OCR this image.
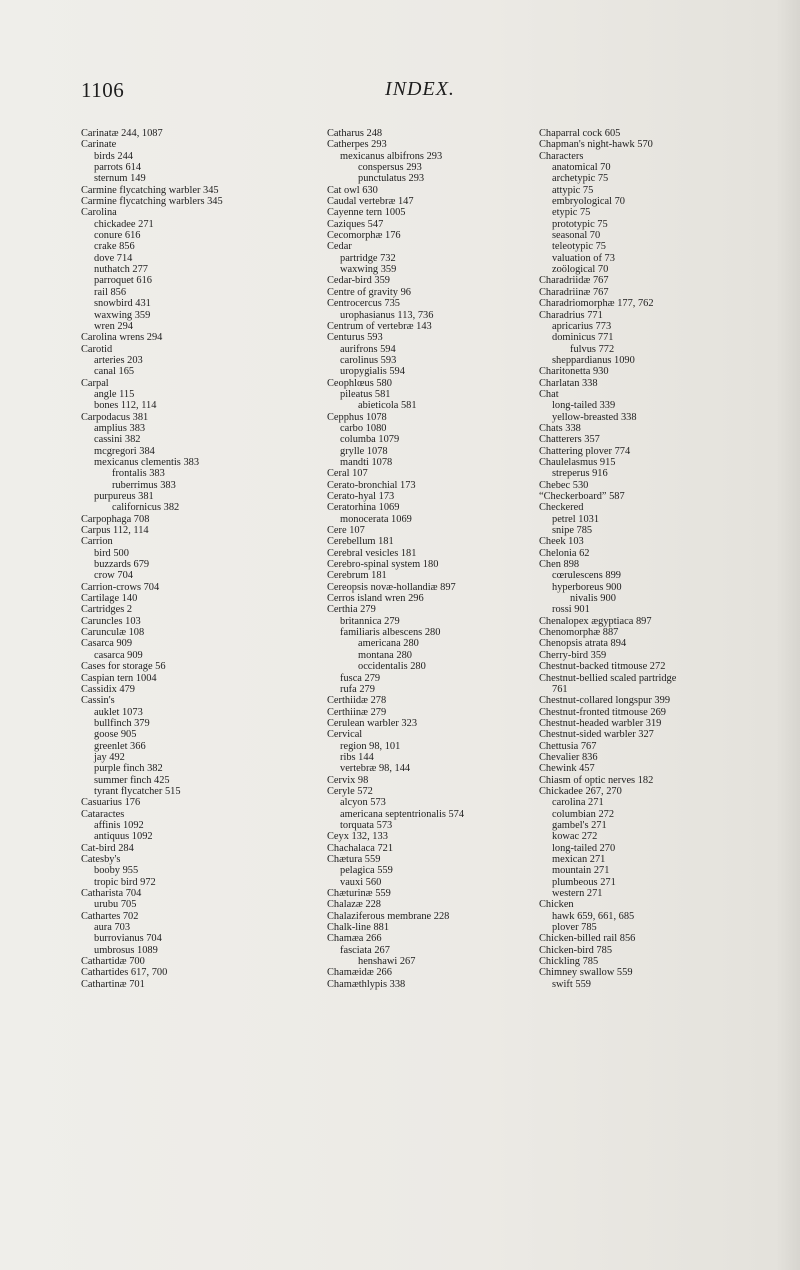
1106	INDEX.
Carinatæ 244, 1087
Carinate
birds 244
parrots 614
sternum 149
Carmine flycatching warbler 345
Carmine flycatching warblers 345
Carolina
chickadee 271
conure 616
crake 856
dove 714
nuthatch 277
parroquet 616
rail 856
snowbird 431
waxwing 359
wren 294
Carolina wrens 294
Carotid
arteries 203
canal 165
Carpal
angle 115
bones 112, 114
Carpodacus 381
amplius 383
cassini 382
mcgregori 384
mexicanus clementis 383
frontalis 383
ruberrimus 383
purpureus 381
californicus 382
Carpophaga 708
Carpus 112, 114
Carrion
bird 500
buzzards 679
crow 704
Carrion-crows 704
Cartilage 140
Cartridges 2
Caruncles 103
Carunculæ 108
Casarca 909
casarca 909
Cases for storage 56
Caspian tern 1004
Cassidix 479
Cassin's
auklet 1073
bullfinch 379
goose 905
greenlet 366
jay 492
purple finch 382
summer finch 425
tyrant flycatcher 515
Casuarius 176
Cataractes
affinis 1092
antiquus 1092
Cat-bird 284
Catesby's
booby 955
tropic bird 972
Catharista 704
urubu 705
Cathartes 702
aura 703
burrovianus 704
umbrosus 1089
Cathartidæ 700
Cathartides 617, 700
Cathartinæ 701
Catharus 248
Catherpes 293
mexicanus albifrons 293
conspersus 293
punctulatus 293
Cat owl 630
Caudal vertebræ 147
Cayenne tern 1005
Caziques 547
Cecomorphæ 176
Cedar
partridge 732
waxwing 359
Cedar-bird 359
Centre of gravity 96
Centrocercus 735
urophasianus 113, 736
Centrum of vertebræ 143
Centurus 593
aurifrons 594
carolinus 593
uropygialis 594
Ceophlœus 580
pileatus 581
abieticola 581
Cepphus 1078
carbo 1080
columba 1079
grylle 1078
mandti 1078
Ceral 107
Cerato-bronchial 173
Cerato-hyal 173
Ceratorhina 1069
monocerata 1069
Cere 107
Cerebellum 181
Cerebral vesicles 181
Cerebro-spinal system 180
Cerebrum 181
Cereopsis novæ-hollandiæ 897
Cerros island wren 296
Certhia 279
britannica 279
familiaris albescens 280
americana 280
montana 280
occidentalis 280
fusca 279
rufa 279
Certhiidæ 278
Certhiinæ 279
Cerulean warbler 323
Cervical
region 98, 101
ribs 144
vertebræ 98, 144
Cervix 98
Ceryle 572
alcyon 573
americana septentrionalis 574
torquata 573
Ceyx 132, 133
Chachalaca 721
Chætura 559
pelagica 559
vauxi 560
Chæturinæ 559
Chalazæ 228
Chalaziferous membrane 228
Chalk-line 881
Chamæa 266
fasciata 267
henshawi 267
Chamæidæ 266
Chamæthlypis 338
Chaparral cock 605
Chapman's night-hawk 570
Characters
anatomical 70
archetypic 75
attypic 75
embryological 70
etypic 75
prototypic 75
seasonal 70
teleotypic 75
valuation of 73
zoölogical 70
Charadriidæ 767
Charadriinæ 767
Charadriomorphæ 177, 762
Charadrius 771
apricarius 773
dominicus 771
fulvus 772
sheppardianus 1090
Charitonetta 930
Charlatan 338
Chat
long-tailed 339
yellow-breasted 338
Chats 338
Chatterers 357
Chattering plover 774
Chaulelasmus 915
streperus 916
Chebec 530
“Checkerboard” 587
Checkered
petrel 1031
snipe 785
Cheek 103
Chelonia 62
Chen 898
cœrulescens 899
hyperboreus 900
nivalis 900
rossi 901
Chenalopex ægyptiaca 897
Chenomorphæ 887
Chenopsis atrata 894
Cherry-bird 359
Chestnut-backed titmouse 272
Chestnut-bellied scaled partridge
761
Chestnut-collared longspur 399
Chestnut-fronted titmouse 269
Chestnut-headed warbler 319
Chestnut-sided warbler 327
Chettusia 767
Chevalier 836
Chewink 457
Chiasm of optic nerves 182
Chickadee 267, 270
carolina 271
columbian 272
gambel's 271
kowac 272
long-tailed 270
mexican 271
mountain 271
plumbeous 271
western 271
Chicken
hawk 659, 661, 685
plover 785
Chicken-billed rail 856
Chicken-bird 785
Chickling 785
Chimney swallow 559
swift 559
